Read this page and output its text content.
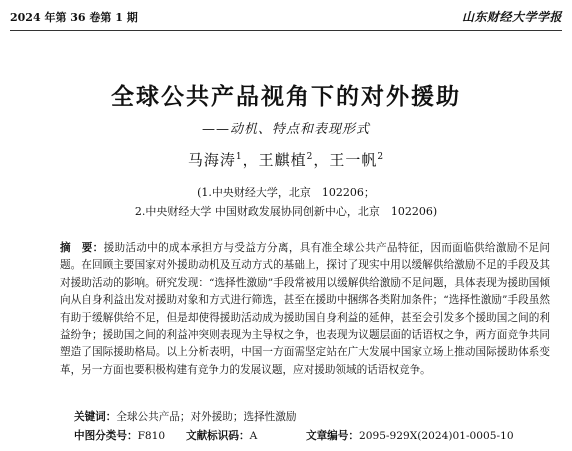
2024 年第 36 卷第 1 期	山东财经大学学报
全球公共产品视角下的对外援助
——动机、特点和表现形式
马海涛$^1$，王麒植$^2$，王一帆$^2$
(1.中央财经大学，北京　102206；
2.中央财经大学 中国财政发展协同创新中心，北京　102206)
摘　要：援助活动中的成本承担方与受益方分离，具有准全球公共产品特征，因而面临供给激励不足问题。在回顾主要国家对外援助动机及互动方式的基础上，探讨了现实中用以缓解供给激励不足的手段及其对援助活动的影响。研究发现：“选择性激励”手段常被用以缓解供给激励不足问题，具体表现为援助国倾向从自身利益出发对援助对象和方式进行筛选，甚至在援助中捆绑各类附加条件；“选择性激励”手段虽然有助于缓解供给不足，但是却使得援助活动成为援助国自身利益的延伸，甚至会引发多个援助国之间的利益纷争；援助国之间的利益冲突则表现为主导权之争，也表现为议题层面的话语权之争，两方面竞争共同塑造了国际援助格局。以上分析表明，中国一方面需坚定站在广大发展中国家立场上推动国际援助体系变革，另一方面也要积极构建有竞争力的发展议题，应对援助领域的话语权竞争。
关键词：全球公共产品；对外援助；选择性激励
中图分类号：F810 文献标识码：A	文章编号：2095-929X(2024)01-0005-10
